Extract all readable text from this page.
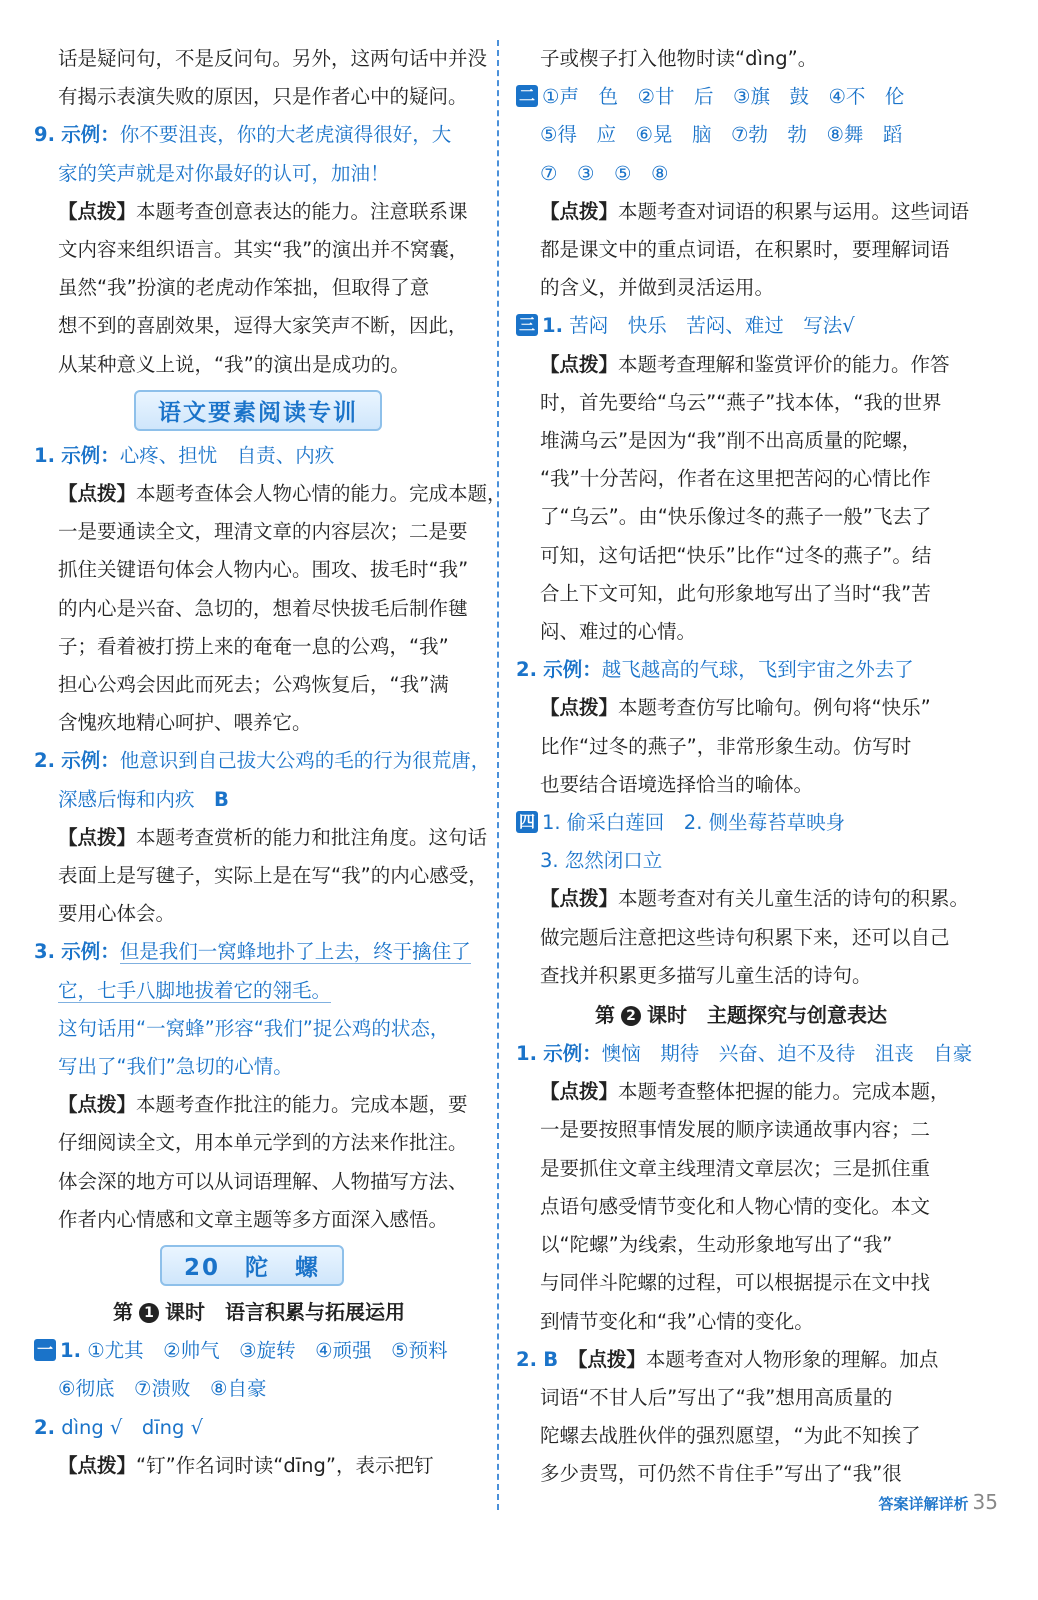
话是疑问句，不是反问句。另外，这两句话中并没
有揭示表演失败的原因，只是作者心中的疑问。
9. 示例：你不要沮丧，你的大老虎演得很好，大
家的笑声就是对你最好的认可，加油！
【点拨】本题考查创意表达的能力。注意联系课
文内容来组织语言。其实“我”的演出并不窝囊，
虽然“我”扮演的老虎动作笨拙，但取得了意
想不到的喜剧效果，逗得大家笑声不断，因此，
从某种意义上说，“我”的演出是成功的。
语文要素阅读专训
1. 示例：心疼、担忧　自责、内疚
【点拨】本题考查体会人物心情的能力。完成本题，
一是要通读全文，理清文章的内容层次；二是要
抓住关键语句体会人物内心。围攻、拔毛时“我”
的内心是兴奋、急切的，想着尽快拔毛后制作毽
子；看着被打捞上来的奄奄一息的公鸡，“我”
担心公鸡会因此而死去；公鸡恢复后，“我”满
含愧疚地精心呵护、喂养它。
2. 示例：他意识到自己拔大公鸡的毛的行为很荒唐，
深感后悔和内疚　 B
【点拨】本题考查赏析的能力和批注角度。这句话
表面上是写毽子，实际上是在写“我”的内心感受，
要用心体会。
3. 示例：但是我们一窝蜂地扑了上去，终于擒住了
它，七手八脚地拔着它的翎毛。
这句话用“一窝蜂”形容“我们”捉公鸡的状态，
写出了“我们”急切的心情。
【点拨】本题考查作批注的能力。完成本题，要
仔细阅读全文，用本单元学到的方法来作批注。
体会深的地方可以从词语理解、人物描写方法、
作者内心情感和文章主题等多方面深入感悟。
20　陀　螺
第 1 课时　语言积累与拓展运用
一 1. ①尤其　②帅气　③旋转　④顽强　⑤预料
⑥彻底　⑦溃败　⑧自豪
2. dìng √　dīng √
【点拨】“钉”作名词时读“dīng”，表示把钉
子或楔子打入他物时读“dìng”。
二 ①声　色　②甘　后　③旗　鼓　④不　伦
⑤得　应　⑥晃　脑　⑦勃　勃　⑧舞　蹈
⑦　③　⑤　⑧
【点拨】本题考查对词语的积累与运用。这些词语
都是课文中的重点词语，在积累时，要理解词语
的含义，并做到灵活运用。
三 1. 苦闷　快乐　苦闷、难过　写法√
【点拨】本题考查理解和鉴赏评价的能力。作答
时，首先要给“乌云”“燕子”找本体，“我的世界
堆满乌云”是因为“我”削不出高质量的陀螺，
“我”十分苦闷，作者在这里把苦闷的心情比作
了“乌云”。由“快乐像过冬的燕子一般”飞去了
可知，这句话把“快乐”比作“过冬的燕子”。结
合上下文可知，此句形象地写出了当时“我”苦
闷、难过的心情。
2. 示例：越飞越高的气球，飞到宇宙之外去了
【点拨】本题考查仿写比喻句。例句将“快乐”
比作“过冬的燕子”，非常形象生动。仿写时
也要结合语境选择恰当的喻体。
四 1. 偷采白莲回　2. 侧坐莓苔草映身
3. 忽然闭口立
【点拨】本题考查对有关儿童生活的诗句的积累。
做完题后注意把这些诗句积累下来，还可以自己
查找并积累更多描写儿童生活的诗句。
第 2 课时　主题探究与创意表达
1. 示例：懊恼　期待　兴奋、迫不及待　沮丧　自豪
【点拨】本题考查整体把握的能力。完成本题，
一是要按照事情发展的顺序读通故事内容；二
是要抓住文章主线理清文章层次；三是抓住重
点语句感受情节变化和人物心情的变化。本文
以“陀螺”为线索，生动形象地写出了“我”
与同伴斗陀螺的过程，可以根据提示在文中找
到情节变化和“我”心情的变化。
2. B　 【点拨】本题考查对人物形象的理解。加点
词语“不甘人后”写出了“我”想用高质量的
陀螺去战胜伙伴的强烈愿望，“为此不知挨了
多少责骂，可仍然不肯住手”写出了“我”很
答案详解详析 35
